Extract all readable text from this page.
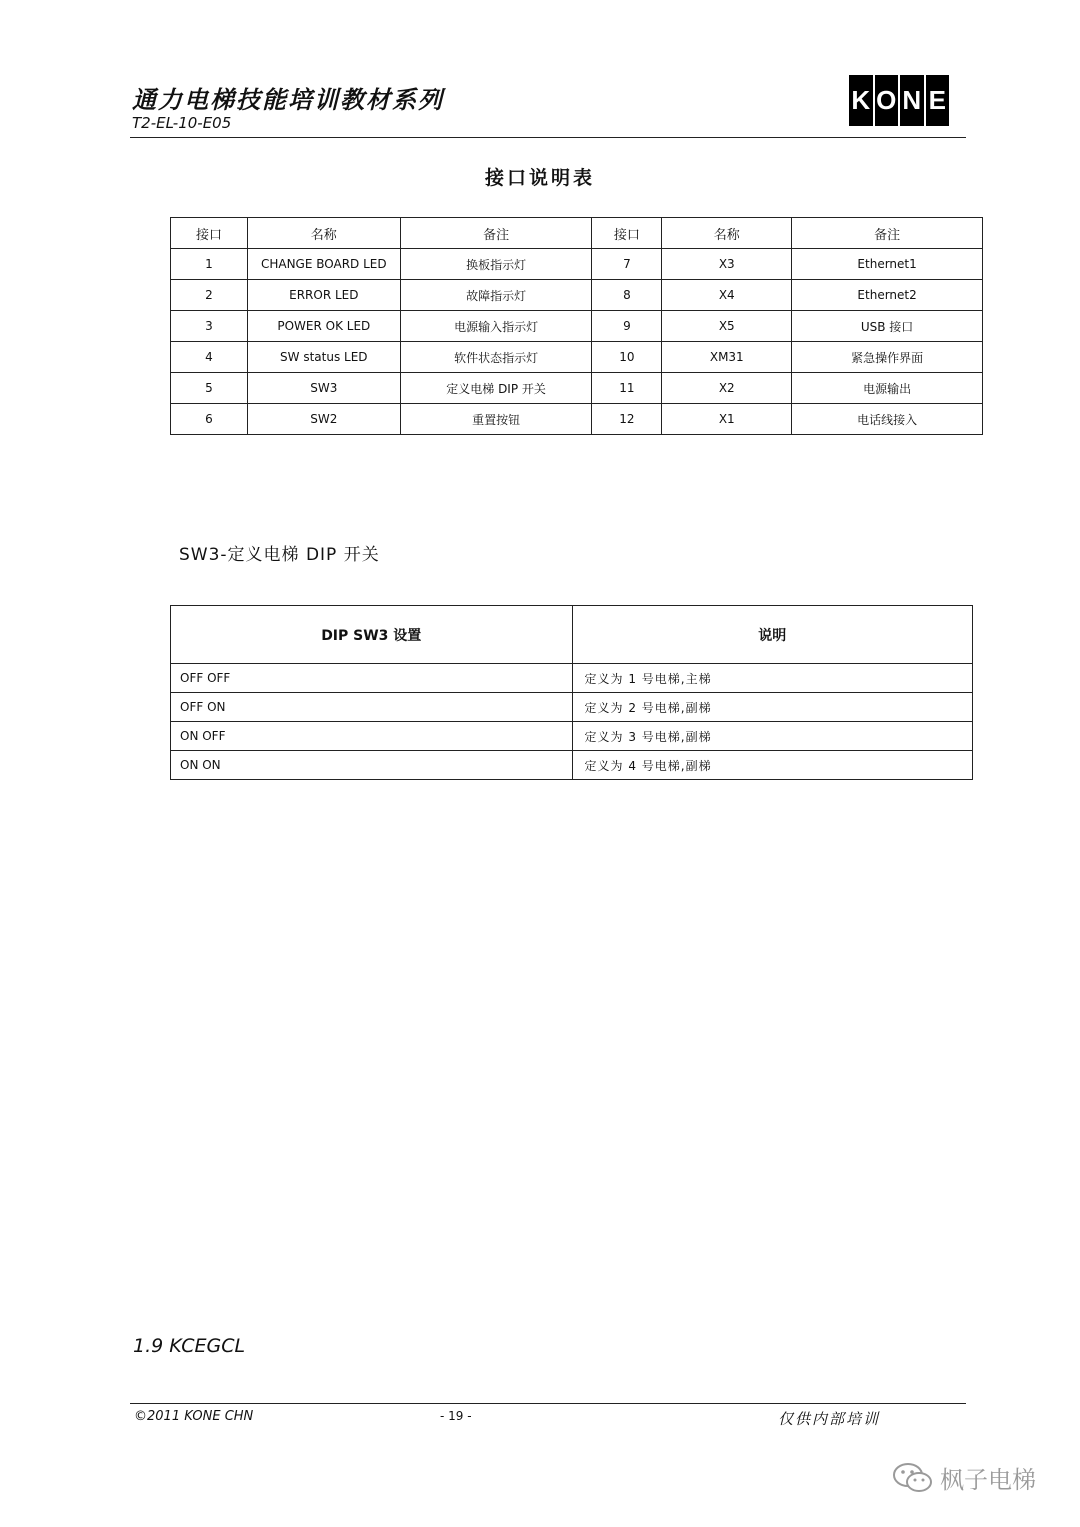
通力电梯技能培训教材系列
T2-EL-10-E05
K O N E
接口说明表
接口	名称	备注	接口	名称	备注
1	CHANGE BOARD LED	换板指示灯	7	X3	Ethernet1
2	ERROR LED	故障指示灯	8	X4	Ethernet2
3	POWER OK LED	电源输入指示灯	9	X5	USB 接口
4	SW status LED	软件状态指示灯	10	XM31	紧急操作界面
5	SW3	定义电梯 DIP 开关	11	X2	电源输出
6	SW2	重置按钮	12	X1	电话线接入
SW3-定义电梯 DIP 开关
DIP SW3 设置	说明
OFF OFF	定义为 1 号电梯,主梯
OFF ON	定义为 2 号电梯,副梯
ON OFF	定义为 3 号电梯,副梯
ON ON	定义为 4 号电梯,副梯
1.9 KCEGCL
©2011 KONE CHN	- 19 -	仅供内部培训
枫子电梯
